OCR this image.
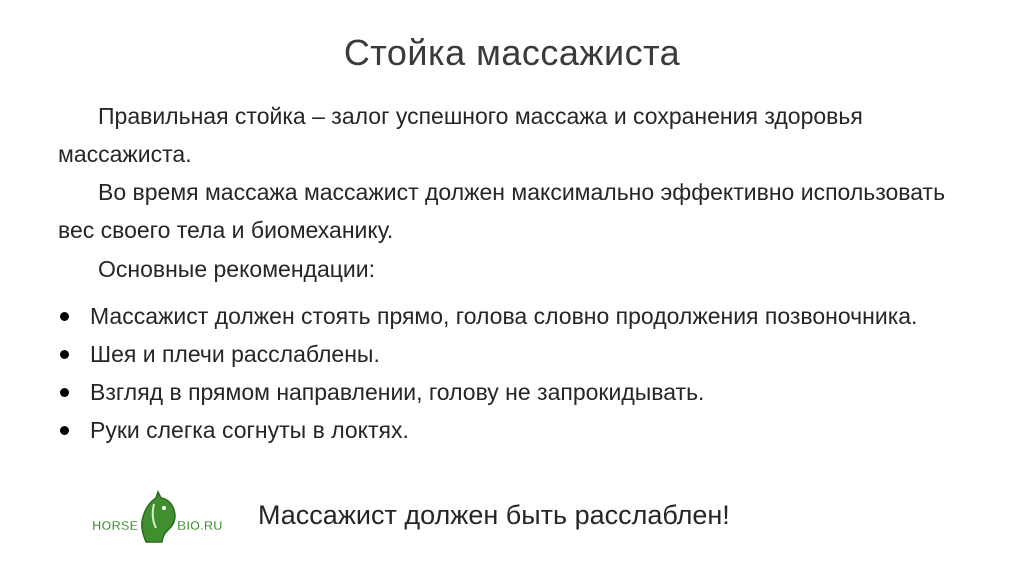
Стойка массажиста
Правильная стойка – залог успешного массажа и сохранения здоровья массажиста.
Во время массажа массажист должен максимально эффективно использовать вес своего тела и биомеханику.
Основные рекомендации:
Массажист должен стоять прямо, голова словно продолжения позвоночника.
Шея и плечи расслаблены.
Взгляд в прямом направлении, голову не запрокидывать.
Руки слегка согнуты в локтях.
HORSE	BIO.RU Массажист должен быть расслаблен!
